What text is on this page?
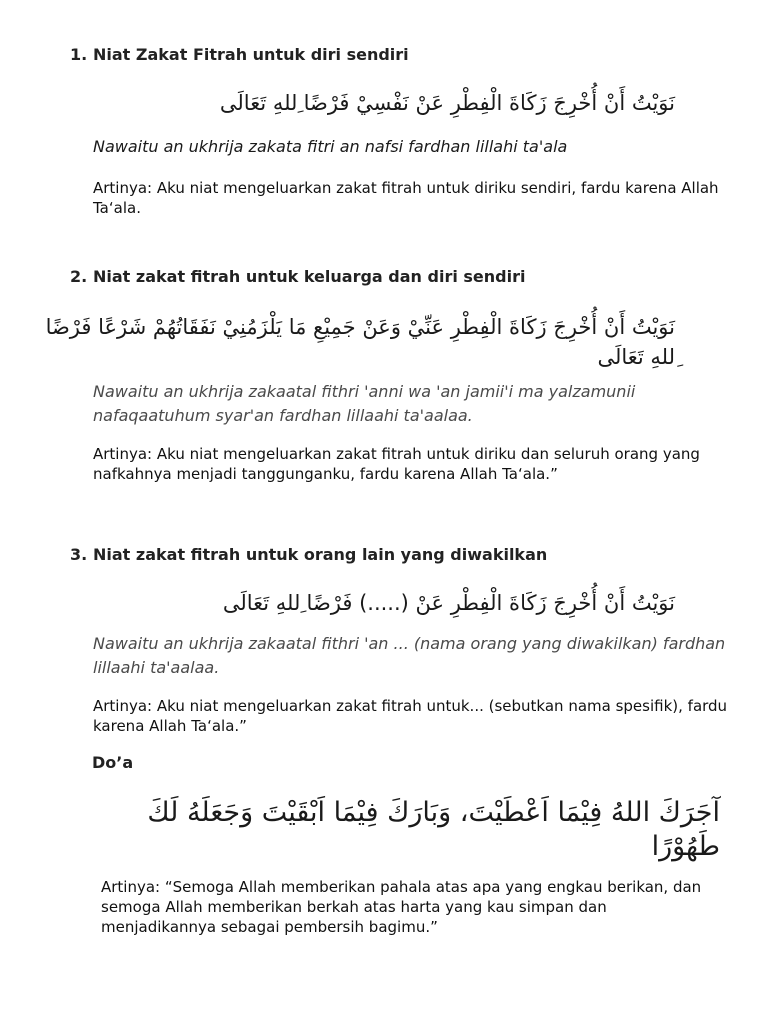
1. Niat Zakat Fitrah untuk diri sendiri
نَوَيْتُ أَنْ أُخْرِجَ زَكَاةَ الْفِطْرِ عَنْ نَفْسِيْ فَرْضًا ِللهِ تَعَالَى
Nawaitu an ukhrija zakata fitri an nafsi fardhan lillahi ta'ala
Artinya: Aku niat mengeluarkan zakat fitrah untuk diriku sendiri, fardu karena Allah Ta‘ala.
2. Niat zakat fitrah untuk keluarga dan diri sendiri
نَوَيْتُ أَنْ أُخْرِجَ زَكَاةَ الْفِطْرِ عَنِّيْ وَعَنْ جَمِيْعِ مَا يَلْزَمُنِيْ نَفَقَاتُهُمْ شَرْعًا فَرْضًا ِللهِ تَعَالَى
Nawaitu an ukhrija zakaatal fithri 'anni wa 'an jamii'i ma yalzamunii nafaqaatuhum syar'an fardhan lillaahi ta'aalaa.
Artinya: Aku niat mengeluarkan zakat fitrah untuk diriku dan seluruh orang yang nafkahnya menjadi tanggunganku, fardu karena Allah Ta‘ala.”
3. Niat zakat fitrah untuk orang lain yang diwakilkan
نَوَيْتُ أَنْ أُخْرِجَ زَكَاةَ الْفِطْرِ عَنْ (.....) فَرْضًا ِللهِ تَعَالَى
Nawaitu an ukhrija zakaatal fithri 'an ... (nama orang yang diwakilkan) fardhan lillaahi ta'aalaa.
Artinya: Aku niat mengeluarkan zakat fitrah untuk... (sebutkan nama spesifik), fardu karena Allah Ta‘ala.”
Do’a
آجَرَكَ اللهُ فِيْمَا اَعْطَيْتَ، وَبَارَكَ فِيْمَا اَبْقَيْتَ وَجَعَلَهُ لَكَ طَهُوْرًا
Artinya: “Semoga Allah memberikan pahala atas apa yang engkau berikan, dan semoga Allah memberikan berkah atas harta yang kau simpan dan menjadikannya sebagai pembersih bagimu.”
